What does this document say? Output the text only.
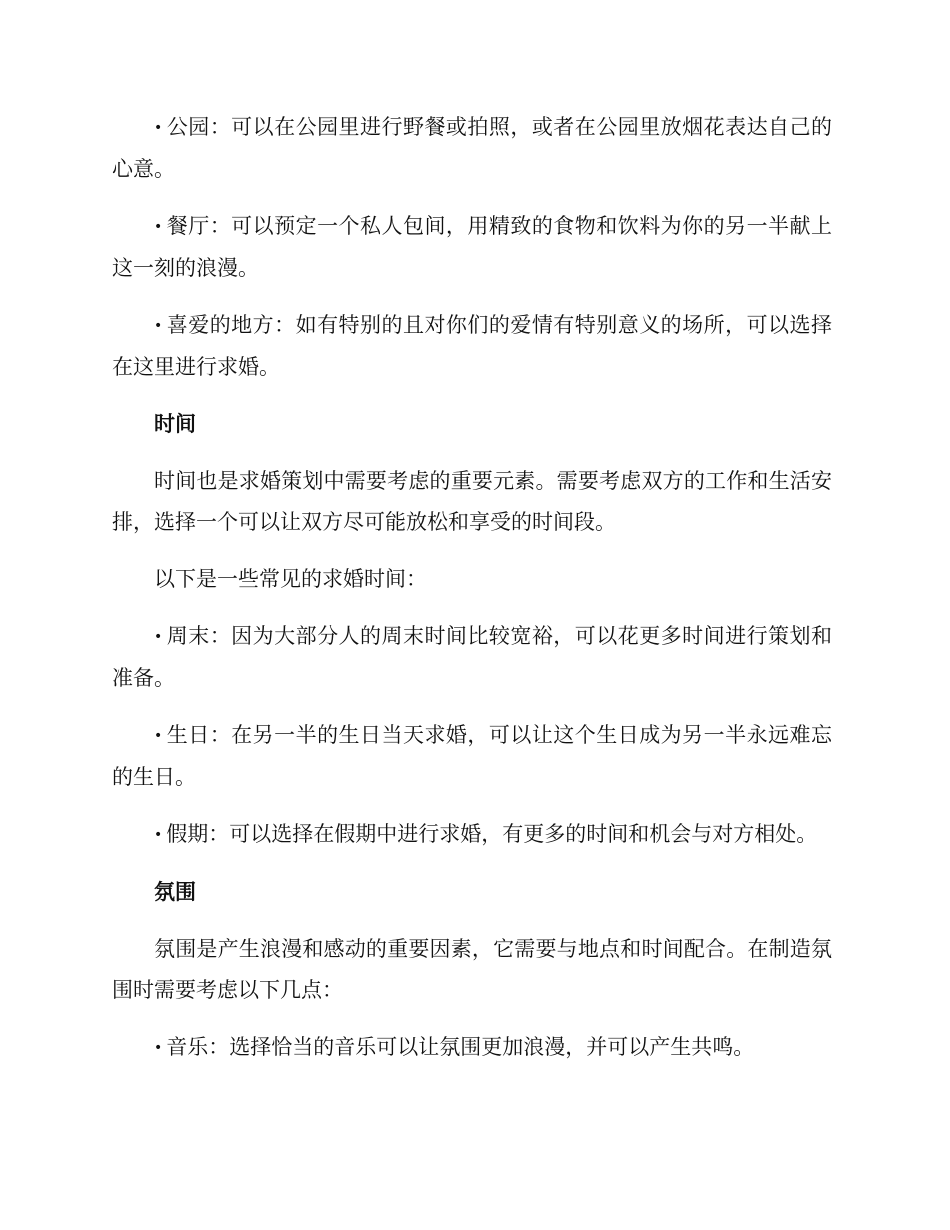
• 公园：可以在公园里进行野餐或拍照，或者在公园里放烟花表达自己的心意。

• 餐厅：可以预定一个私人包间，用精致的食物和饮料为你的另一半献上这一刻的浪漫。

• 喜爱的地方：如有特别的且对你们的爱情有特别意义的场所，可以选择在这里进行求婚。

时间

时间也是求婚策划中需要考虑的重要元素。需要考虑双方的工作和生活安排，选择一个可以让双方尽可能放松和享受的时间段。

以下是一些常见的求婚时间：

• 周末：因为大部分人的周末时间比较宽裕，可以花更多时间进行策划和准备。

• 生日：在另一半的生日当天求婚，可以让这个生日成为另一半永远难忘的生日。

• 假期：可以选择在假期中进行求婚，有更多的时间和机会与对方相处。

氛围

氛围是产生浪漫和感动的重要因素，它需要与地点和时间配合。在制造氛围时需要考虑以下几点：

• 音乐：选择恰当的音乐可以让氛围更加浪漫，并可以产生共鸣。
